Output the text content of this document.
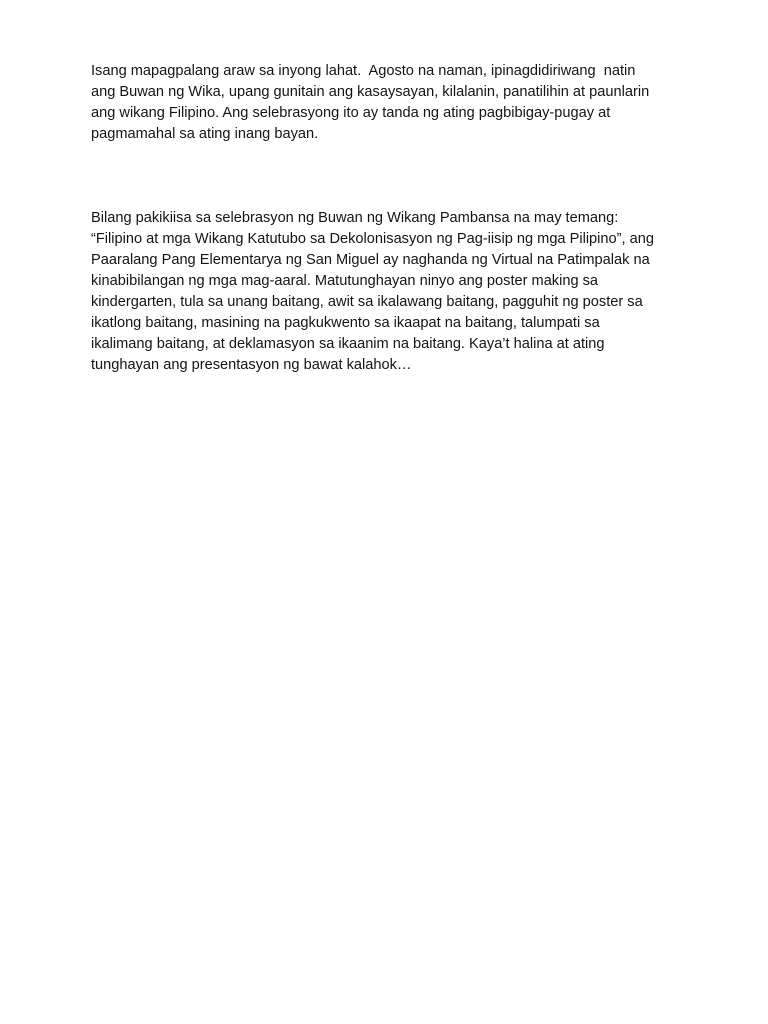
Isang mapagpalang araw sa inyong lahat.  Agosto na naman, ipinagdidiriwang  natin
ang Buwan ng Wika, upang gunitain ang kasaysayan, kilalanin, panatilihin at paunlarin
ang wikang Filipino. Ang selebrasyong ito ay tanda ng ating pagbibigay-pugay at
pagmamahal sa ating inang bayan.

Bilang pakikiisa sa selebrasyon ng Buwan ng Wikang Pambansa na may temang:
“Filipino at mga Wikang Katutubo sa Dekolonisasyon ng Pag-iisip ng mga Pilipino”, ang
Paaralang Pang Elementarya ng San Miguel ay naghanda ng Virtual na Patimpalak na
kinabibilangan ng mga mag-aaral. Matutunghayan ninyo ang poster making sa
kindergarten, tula sa unang baitang, awit sa ikalawang baitang, pagguhit ng poster sa
ikatlong baitang, masining na pagkukwento sa ikaapat na baitang, talumpati sa
ikalimang baitang, at deklamasyon sa ikaanim na baitang. Kaya’t halina at ating
tunghayan ang presentasyon ng bawat kalahok…
